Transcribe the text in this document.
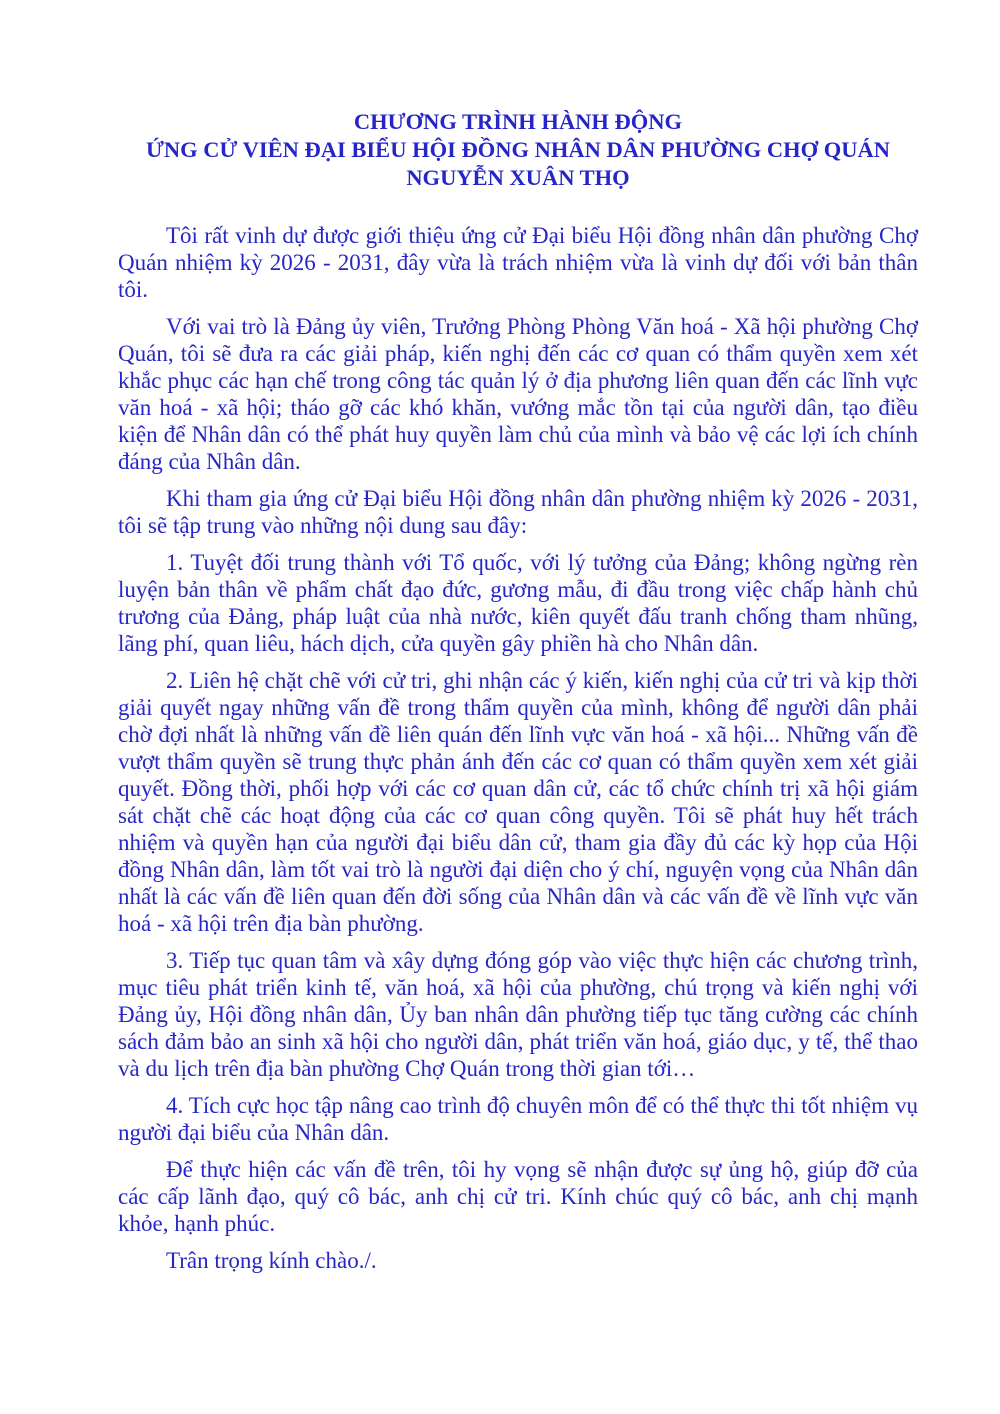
CHƯƠNG TRÌNH HÀNH ĐỘNG
ỨNG CỬ VIÊN ĐẠI BIỂU HỘI ĐỒNG NHÂN DÂN PHƯỜNG CHỢ QUÁN
NGUYỄN XUÂN THỌ

Tôi rất vinh dự được giới thiệu ứng cử Đại biểu Hội đồng nhân dân phường Chợ Quán nhiệm kỳ 2026 - 2031, đây vừa là trách nhiệm vừa là vinh dự đối với bản thân tôi.

Với vai trò là Đảng ủy viên, Trưởng Phòng Phòng Văn hoá - Xã hội phường Chợ Quán, tôi sẽ đưa ra các giải pháp, kiến nghị đến các cơ quan có thẩm quyền xem xét khắc phục các hạn chế trong công tác quản lý ở địa phương liên quan đến các lĩnh vực văn hoá - xã hội; tháo gỡ các khó khăn, vướng mắc tồn tại của người dân, tạo điều kiện để Nhân dân có thể phát huy quyền làm chủ của mình và bảo vệ các lợi ích chính đáng của Nhân dân.

Khi tham gia ứng cử Đại biểu Hội đồng nhân dân phường nhiệm kỳ 2026 - 2031, tôi sẽ tập trung vào những nội dung sau đây:

1. Tuyệt đối trung thành với Tổ quốc, với lý tưởng của Đảng; không ngừng rèn luyện bản thân về phẩm chất đạo đức, gương mẫu, đi đầu trong việc chấp hành chủ trương của Đảng, pháp luật của nhà nước, kiên quyết đấu tranh chống tham nhũng, lãng phí, quan liêu, hách dịch, cửa quyền gây phiền hà cho Nhân dân.

2. Liên hệ chặt chẽ với cử tri, ghi nhận các ý kiến, kiến nghị của cử tri và kịp thời giải quyết ngay những vấn đề trong thẩm quyền của mình, không để người dân phải chờ đợi nhất là những vấn đề liên quán đến lĩnh vực văn hoá - xã hội... Những vấn đề vượt thẩm quyền sẽ trung thực phản ánh đến các cơ quan có thẩm quyền xem xét giải quyết. Đồng thời, phối hợp với các cơ quan dân cử, các tổ chức chính trị xã hội giám sát chặt chẽ các hoạt động của các cơ quan công quyền. Tôi sẽ phát huy hết trách nhiệm và quyền hạn của người đại biểu dân cử, tham gia đầy đủ các kỳ họp của Hội đồng Nhân dân, làm tốt vai trò là người đại diện cho ý chí, nguyện vọng của Nhân dân nhất là các vấn đề liên quan đến đời sống của Nhân dân và các vấn đề về lĩnh vực văn hoá - xã hội trên địa bàn phường.

3. Tiếp tục quan tâm và xây dựng đóng góp vào việc thực hiện các chương trình, mục tiêu phát triển kinh tế, văn hoá, xã hội của phường, chú trọng và kiến nghị với Đảng ủy, Hội đồng nhân dân, Ủy ban nhân dân phường tiếp tục tăng cường các chính sách đảm bảo an sinh xã hội cho người dân, phát triển văn hoá, giáo dục, y tế, thể thao và du lịch trên địa bàn phường Chợ Quán trong thời gian tới…

4. Tích cực học tập nâng cao trình độ chuyên môn để có thể thực thi tốt nhiệm vụ người đại biểu của Nhân dân.

Để thực hiện các vấn đề trên, tôi hy vọng sẽ nhận được sự ủng hộ, giúp đỡ của các cấp lãnh đạo, quý cô bác, anh chị cử tri. Kính chúc quý cô bác, anh chị mạnh khỏe, hạnh phúc.

Trân trọng kính chào./.
